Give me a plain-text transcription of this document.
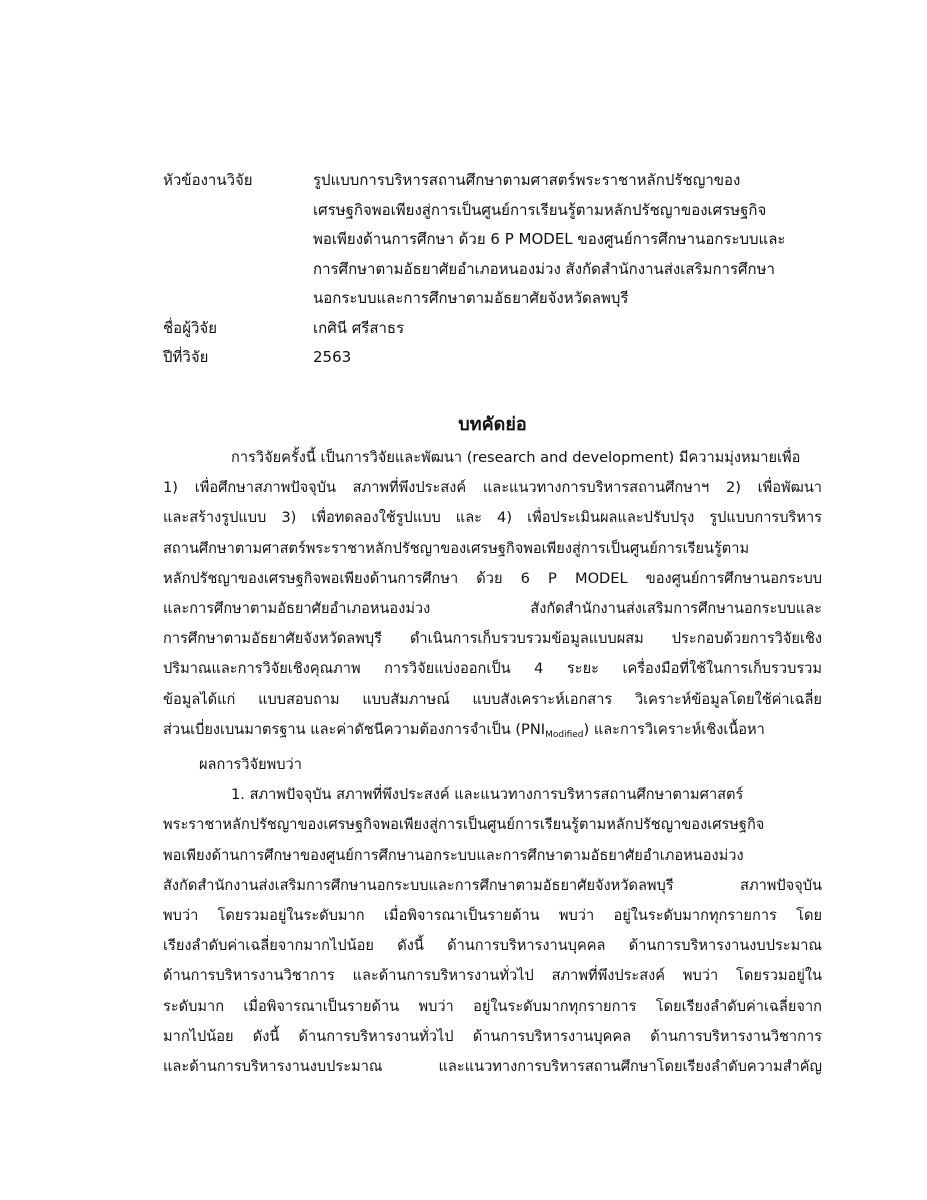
หัวข้องานวิจัย	รูปแบบการบริหารสถานศึกษาตามศาสตร์พระราชาหลักปรัชญาของ
เศรษฐกิจพอเพียงสู่การเป็นศูนย์การเรียนรู้ตามหลักปรัชญาของเศรษฐกิจ
พอเพียงด้านการศึกษา ด้วย 6 P MODEL ของศูนย์การศึกษานอกระบบและ
การศึกษาตามอัธยาศัยอำเภอหนองม่วง สังกัดสำนักงานส่งเสริมการศึกษา
นอกระบบและการศึกษาตามอัธยาศัยจังหวัดลพบุรี
ชื่อผู้วิจัย	เกศินี ศรีสาธร
ปีที่วิจัย	2563
บทคัดย่อ
การวิจัยครั้งนี้ เป็นการวิจัยและพัฒนา (research and development) มีความมุ่งหมายเพื่อ
1) เพื่อศึกษาสภาพปัจจุบัน สภาพที่พึงประสงค์ และแนวทางการบริหารสถานศึกษาฯ 2) เพื่อพัฒนา
และสร้างรูปแบบ 3) เพื่อทดลองใช้รูปแบบ และ 4) เพื่อประเมินผลและปรับปรุง รูปแบบการบริหาร
สถานศึกษาตามศาสตร์พระราชาหลักปรัชญาของเศรษฐกิจพอเพียงสู่การเป็นศูนย์การเรียนรู้ตาม
หลักปรัชญาของเศรษฐกิจพอเพียงด้านการศึกษา ด้วย 6 P MODEL ของศูนย์การศึกษานอกระบบ
และการศึกษาตามอัธยาศัยอำเภอหนองม่วง สังกัดสำนักงานส่งเสริมการศึกษานอกระบบและ
การศึกษาตามอัธยาศัยจังหวัดลพบุรี ดำเนินการเก็บรวบรวมข้อมูลแบบผสม ประกอบด้วยการวิจัยเชิง
ปริมาณและการวิจัยเชิงคุณภาพ การวิจัยแบ่งออกเป็น 4 ระยะ เครื่องมือที่ใช้ในการเก็บรวบรวม
ข้อมูลได้แก่ แบบสอบถาม แบบสัมภาษณ์ แบบสังเคราะห์เอกสาร วิเคราะห์ข้อมูลโดยใช้ค่าเฉลี่ย
ส่วนเบี่ยงเบนมาตรฐาน และค่าดัชนีความต้องการจำเป็น $(PNI_{Modified})$ และการวิเคราะห์เชิงเนื้อหา
ผลการวิจัยพบว่า
1. สภาพปัจจุบัน สภาพที่พึงประสงค์ และแนวทางการบริหารสถานศึกษาตามศาสตร์
พระราชาหลักปรัชญาของเศรษฐกิจพอเพียงสู่การเป็นศูนย์การเรียนรู้ตามหลักปรัชญาของเศรษฐกิจ
พอเพียงด้านการศึกษาของศูนย์การศึกษานอกระบบและการศึกษาตามอัธยาศัยอำเภอหนองม่วง
สังกัดสำนักงานส่งเสริมการศึกษานอกระบบและการศึกษาตามอัธยาศัยจังหวัดลพบุรี สภาพปัจจุบัน
พบว่า โดยรวมอยู่ในระดับมาก เมื่อพิจารณาเป็นรายด้าน พบว่า อยู่ในระดับมากทุกรายการ โดย
เรียงลำดับค่าเฉลี่ยจากมากไปน้อย ดังนี้ ด้านการบริหารงานบุคคล ด้านการบริหารงานงบประมาณ
ด้านการบริหารงานวิชาการ และด้านการบริหารงานทั่วไป สภาพที่พึงประสงค์ พบว่า โดยรวมอยู่ใน
ระดับมาก เมื่อพิจารณาเป็นรายด้าน พบว่า อยู่ในระดับมากทุกรายการ โดยเรียงลำดับค่าเฉลี่ยจาก
มากไปน้อย ดังนี้ ด้านการบริหารงานทั่วไป ด้านการบริหารงานบุคคล ด้านการบริหารงานวิชาการ
และด้านการบริหารงานงบประมาณ และแนวทางการบริหารสถานศึกษาโดยเรียงลำดับความสำคัญ
